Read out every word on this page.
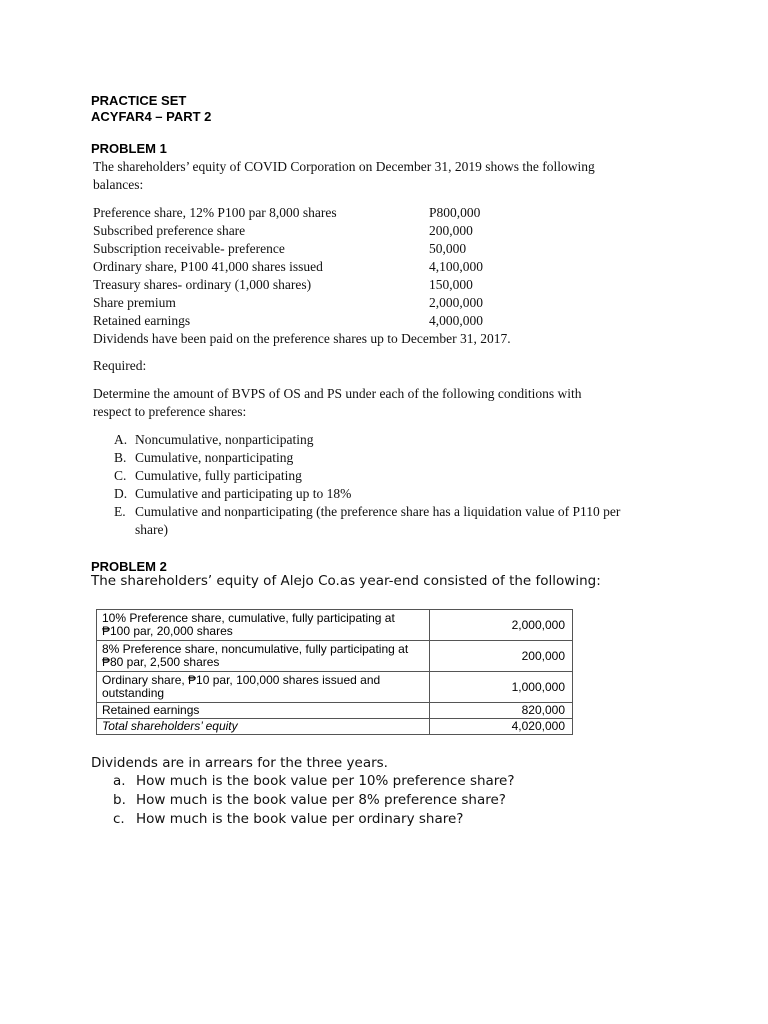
PRACTICE SET
ACYFAR4 – PART 2
PROBLEM 1
The shareholders’ equity of COVID Corporation on December 31, 2019 shows the following balances:
Preference share, 12% P100 par 8,000 shares	P800,000
Subscribed preference share	200,000
Subscription receivable- preference	50,000
Ordinary share, P100 41,000 shares issued	4,100,000
Treasury shares- ordinary (1,000 shares)	150,000
Share premium	2,000,000
Retained earnings	4,000,000
Dividends have been paid on the preference shares up to December 31, 2017.
Required:
Determine the amount of BVPS of OS and PS under each of the following conditions with respect to preference shares:
A. Noncumulative, nonparticipating
B. Cumulative, nonparticipating
C. Cumulative, fully participating
D. Cumulative and participating up to 18%
E. Cumulative and nonparticipating (the preference share has a liquidation value of P110 per share)
PROBLEM 2
The shareholders’ equity of Alejo Co.as year-end consisted of the following:
10% Preference share, cumulative, fully participating at ₱100 par, 20,000 shares	2,000,000
8% Preference share, noncumulative, fully participating at ₱80 par, 2,500 shares	200,000
Ordinary share, ₱10 par, 100,000 shares issued and outstanding	1,000,000
Retained earnings	820,000
Total shareholders’ equity	4,020,000
Dividends are in arrears for the three years.
a. How much is the book value per 10% preference share?
b. How much is the book value per 8% preference share?
c. How much is the book value per ordinary share?
